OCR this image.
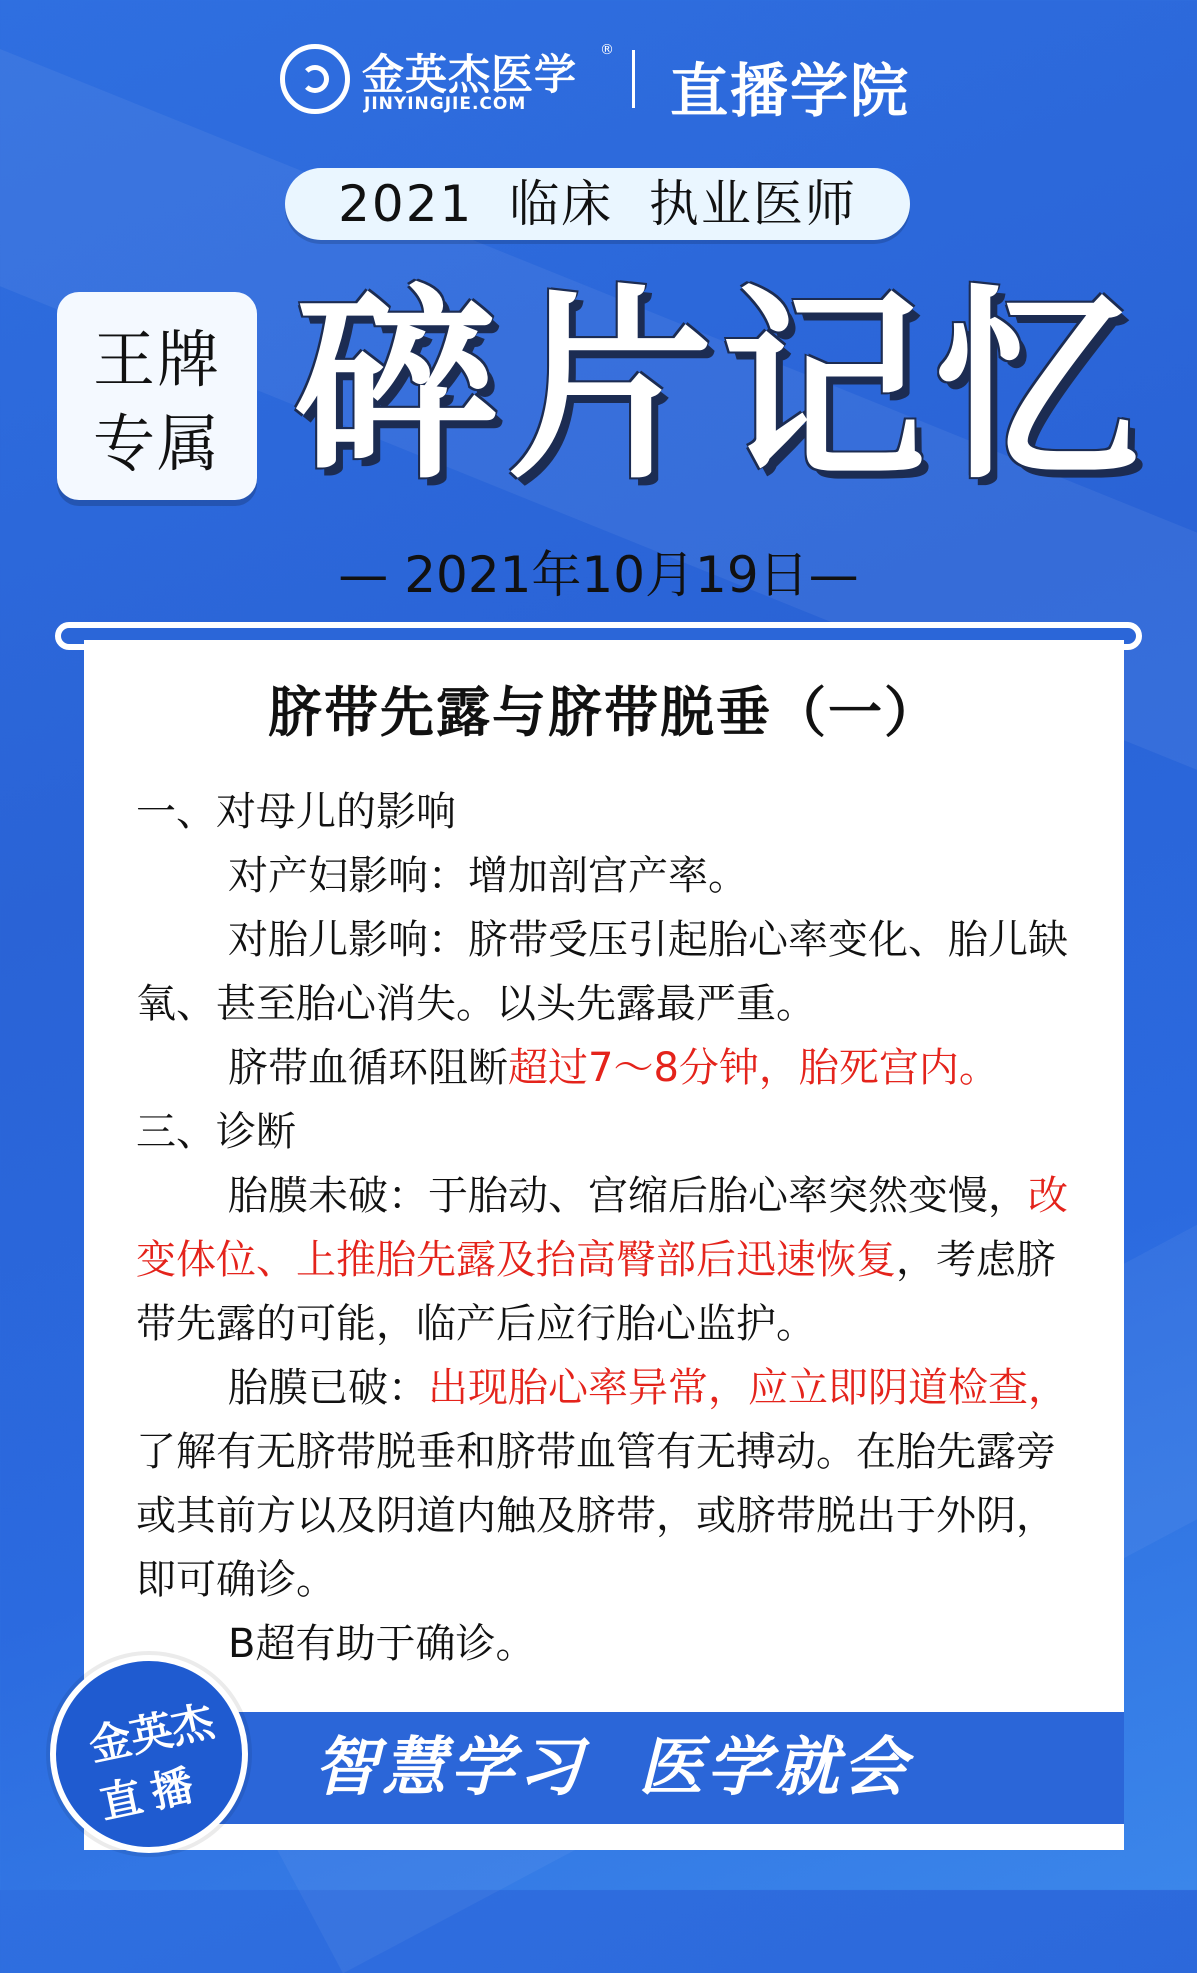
金英杰医学 ®
JINYINGJIE.COM 直播学院
2021  临床  执业医师
王牌
专属 碎片记忆
— 2021年10月19日—
脐带先露与脐带脱垂（一）

一、对母儿的影响

对产妇影响：增加剖宫产率。

对胎儿影响：脐带受压引起胎心率变化、胎儿缺氧、甚至胎心消失。以头先露最严重。

脐带血循环阻断超过7～8分钟，胎死宫内。

三、诊断

胎膜未破：于胎动、宫缩后胎心率突然变慢，改变体位、上推胎先露及抬高臀部后迅速恢复，考虑脐带先露的可能，临产后应行胎心监护。

胎膜已破：出现胎心率异常，应立即阴道检查，了解有无脐带脱垂和脐带血管有无搏动。在胎先露旁或其前方以及阴道内触及脐带，或脐带脱出于外阴，即可确诊。

B超有助于确诊。

智慧学习  医学就会
金英杰
直播
